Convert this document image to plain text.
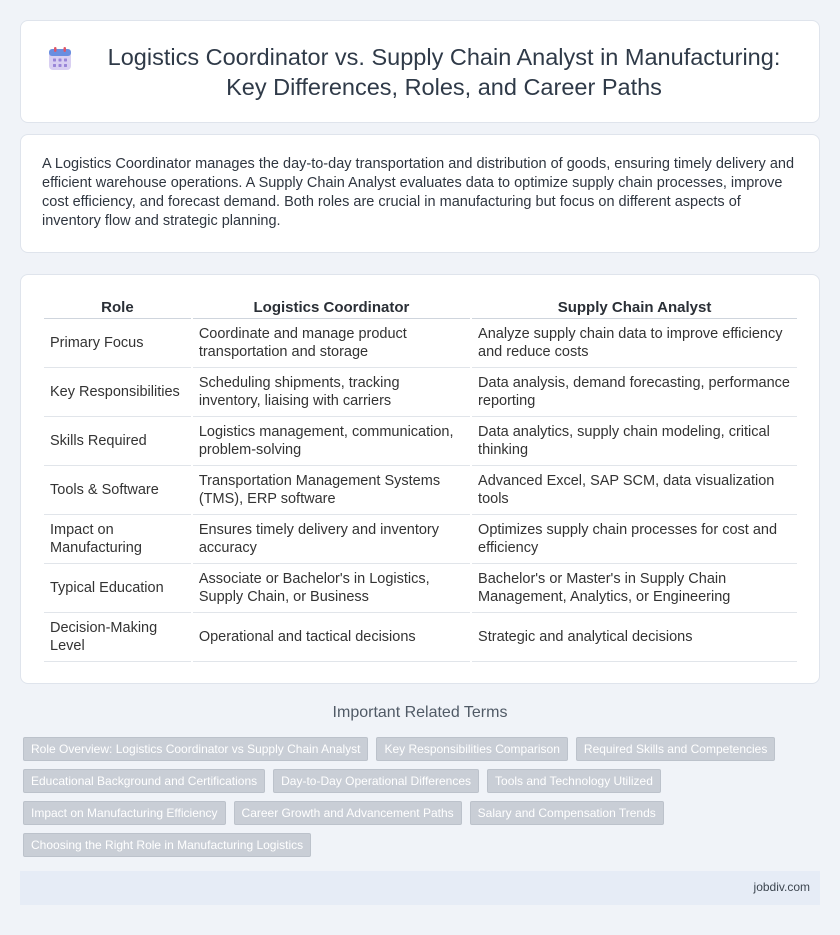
Logistics Coordinator vs. Supply Chain Analyst in Manufacturing: Key Differences, Roles, and Career Paths

A Logistics Coordinator manages the day-to-day transportation and distribution of goods, ensuring timely delivery and efficient warehouse operations. A Supply Chain Analyst evaluates data to optimize supply chain processes, improve cost efficiency, and forecast demand. Both roles are crucial in manufacturing but focus on different aspects of inventory flow and strategic planning.

Role	Logistics Coordinator	Supply Chain Analyst
Primary Focus	Coordinate and manage product transportation and storage	Analyze supply chain data to improve efficiency and reduce costs
Key Responsibilities	Scheduling shipments, tracking inventory, liaising with carriers	Data analysis, demand forecasting, performance reporting
Skills Required	Logistics management, communication, problem-solving	Data analytics, supply chain modeling, critical thinking
Tools & Software	Transportation Management Systems (TMS), ERP software	Advanced Excel, SAP SCM, data visualization tools
Impact on Manufacturing	Ensures timely delivery and inventory accuracy	Optimizes supply chain processes for cost and efficiency
Typical Education	Associate or Bachelor's in Logistics, Supply Chain, or Business	Bachelor's or Master's in Supply Chain Management, Analytics, or Engineering
Decision-Making Level	Operational and tactical decisions	Strategic and analytical decisions
Important Related Terms
Role Overview: Logistics Coordinator vs Supply Chain Analyst	Key Responsibilities Comparison	Required Skills and Competencies
Educational Background and Certifications	Day-to-Day Operational Differences	Tools and Technology Utilized
Impact on Manufacturing Efficiency	Career Growth and Advancement Paths	Salary and Compensation Trends
Choosing the Right Role in Manufacturing Logistics
jobdiv.com
